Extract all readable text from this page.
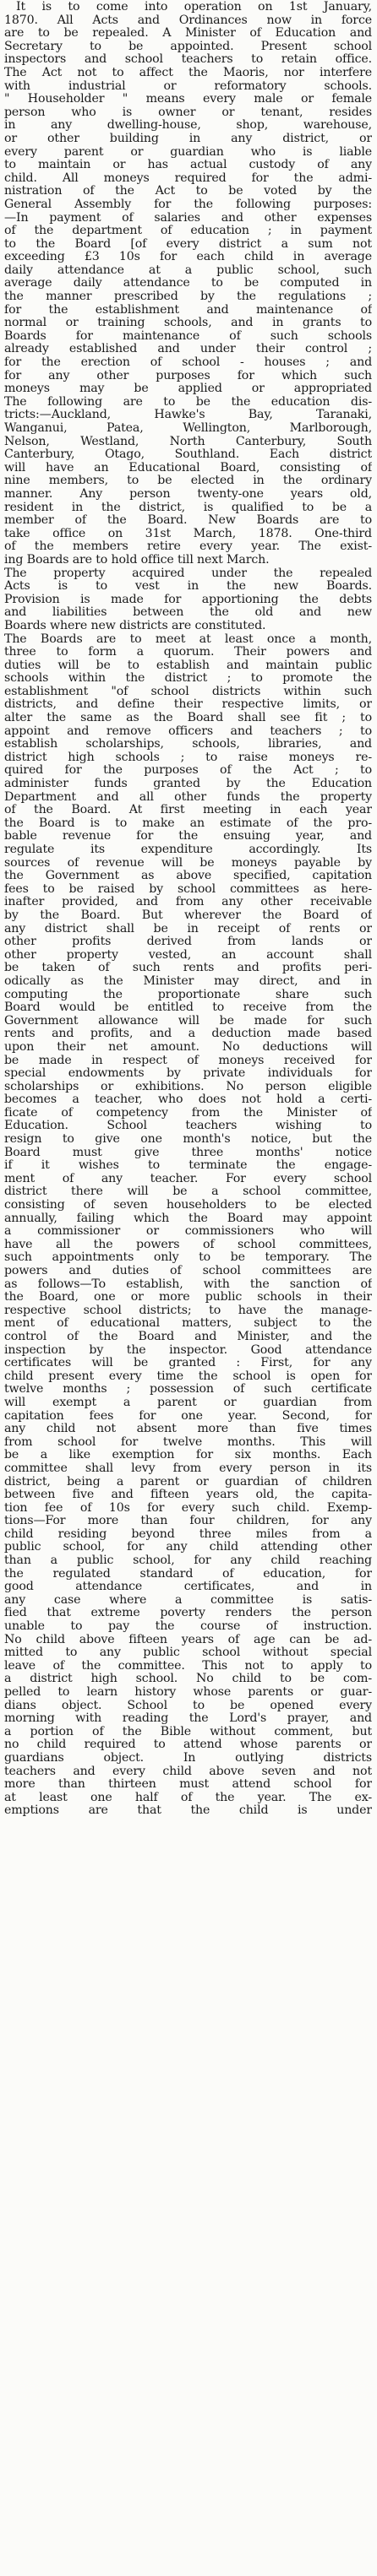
It is to come into operation on 1st January,
1870. All Acts and Ordinances now in force
are to be repealed. A Minister of Education and
Secretary to be appointed. Present school
inspectors and school teachers to retain office.
The Act not to affect the Maoris, nor interfere
with industrial or reformatory schools.
" Householder " means every male or female
person who is owner or tenant, resides
in any dwelling-house, shop, warehouse,
or other building in any district, or
every parent or guardian who is liable
to maintain or has actual custody of any
child. All moneys required for the admi-
nistration of the Act to be voted by the
General Assembly for the following purposes:
—In payment of salaries and other expenses
of the department of education ; in payment
to the Board [of every district a sum not
exceeding £3 10s for each child in average
daily attendance at a public school, such
average daily attendance to be computed in
the manner prescribed by the regulations ;
for the establishment and maintenance of
normal or training schools, and in grants to
Boards for maintenance of such schools
already established and under their control ;
for the erection of school - houses ; and
for any other purposes for which such
moneys may be applied or appropriated
The following are to be the education dis-
tricts:—Auckland, Hawke's Bay, Taranaki,
Wanganui, Patea, Wellington, Marlborough,
Nelson, Westland, North Canterbury, South
Canterbury, Otago, Southland. Each district
will have an Educational Board, consisting of
nine members, to be elected in the ordinary
manner. Any person twenty-one years old,
resident in the district, is qualified to be a
member of the Board. New Boards are to
take office on 31st March, 1878. One-third
of the members retire every year. The exist-
ing Boards are to hold office till next March.
The property acquired under the repealed
Acts is to vest in the new Boards.
Provision is made for apportioning the debts
and liabilities between the old and new
Boards where new districts are constituted.
The Boards are to meet at least once a month,
three to form a quorum. Their powers and
duties will be to establish and maintain public
schools within the district ; to promote the
establishment "of school districts within such
districts, and define their respective limits, or
alter the same as the Board shall see fit ; to
appoint and remove officers and teachers ; to
establish scholarships, schools, libraries, and
district high schools ; to raise moneys re-
quired for the purposes of the Act ; to
administer funds granted by the Education
Department and all other funds the property
of the Board. At first meeting in each year
the Board is to make an estimate of the pro-
bable revenue for the ensuing year, and
regulate its expenditure accordingly. Its
sources of revenue will be moneys payable by
the Government as above specified, capitation
fees to be raised by school committees as here-
inafter provided, and from any other receivable
by the Board. But wherever the Board of
any district shall be in receipt of rents or
other profits derived from lands or
other property vested, an account shall
be taken of such rents and profits peri-
odically as the Minister may direct, and in
computing the proportionate share such
Board would be entitled to receive from the
Government allowance will be made for such
rents and profits, and a deduction made based
upon their net amount. No deductions will
be made in respect of moneys received for
special endowments by private individuals for
scholarships or exhibitions. No person eligible
becomes a teacher, who does not hold a certi-
ficate of competency from the Minister of
Education. School teachers wishing to
resign to give one month's notice, but the
Board must give three months' notice
if it wishes to terminate the engage-
ment of any teacher. For every school
district there will be a school committee,
consisting of seven householders to be elected
annually, failing which the Board may appoint
a commissioner or commissioners who will
have all the powers of school committees,
such appointments only to be temporary. The
powers and duties of school committees are
as follows—To establish, with the sanction of
the Board, one or more public schools in their
respective school districts; to have the manage-
ment of educational matters, subject to the
control of the Board and Minister, and the
inspection by the inspector. Good attendance
certificates will be granted : First, for any
child present every time the school is open for
twelve months ; possession of such certificate
will exempt a parent or guardian from
capitation fees for one year. Second, for
any child not absent more than five times
from school for twelve months. This will
be a like exemption for six months. Each
committee shall levy from every person in its
district, being a parent or guardian of children
between five and fifteen years old, the capita-
tion fee of 10s for every such child. Exemp-
tions—For more than four children, for any
child residing beyond three miles from a
public school, for any child attending other
than a public school, for any child reaching
the regulated standard of education, for
good attendance certificates, and in
any case where a committee is satis-
fied that extreme poverty renders the person
unable to pay the course of instruction.
No child above fifteen years of age can be ad-
mitted to any public school without special
leave of the committee. This not to apply to
a district high school. No child to be com-
pelled to learn history whose parents or guar-
dians object. School to be opened every
morning with reading the Lord's prayer, and
a portion of the Bible without comment, but
no child required to attend whose parents or
guardians object. In outlying districts
teachers and every child above seven and not
more than thirteen must attend school for
at least one half of the year. The ex-
emptions are that the child is under
